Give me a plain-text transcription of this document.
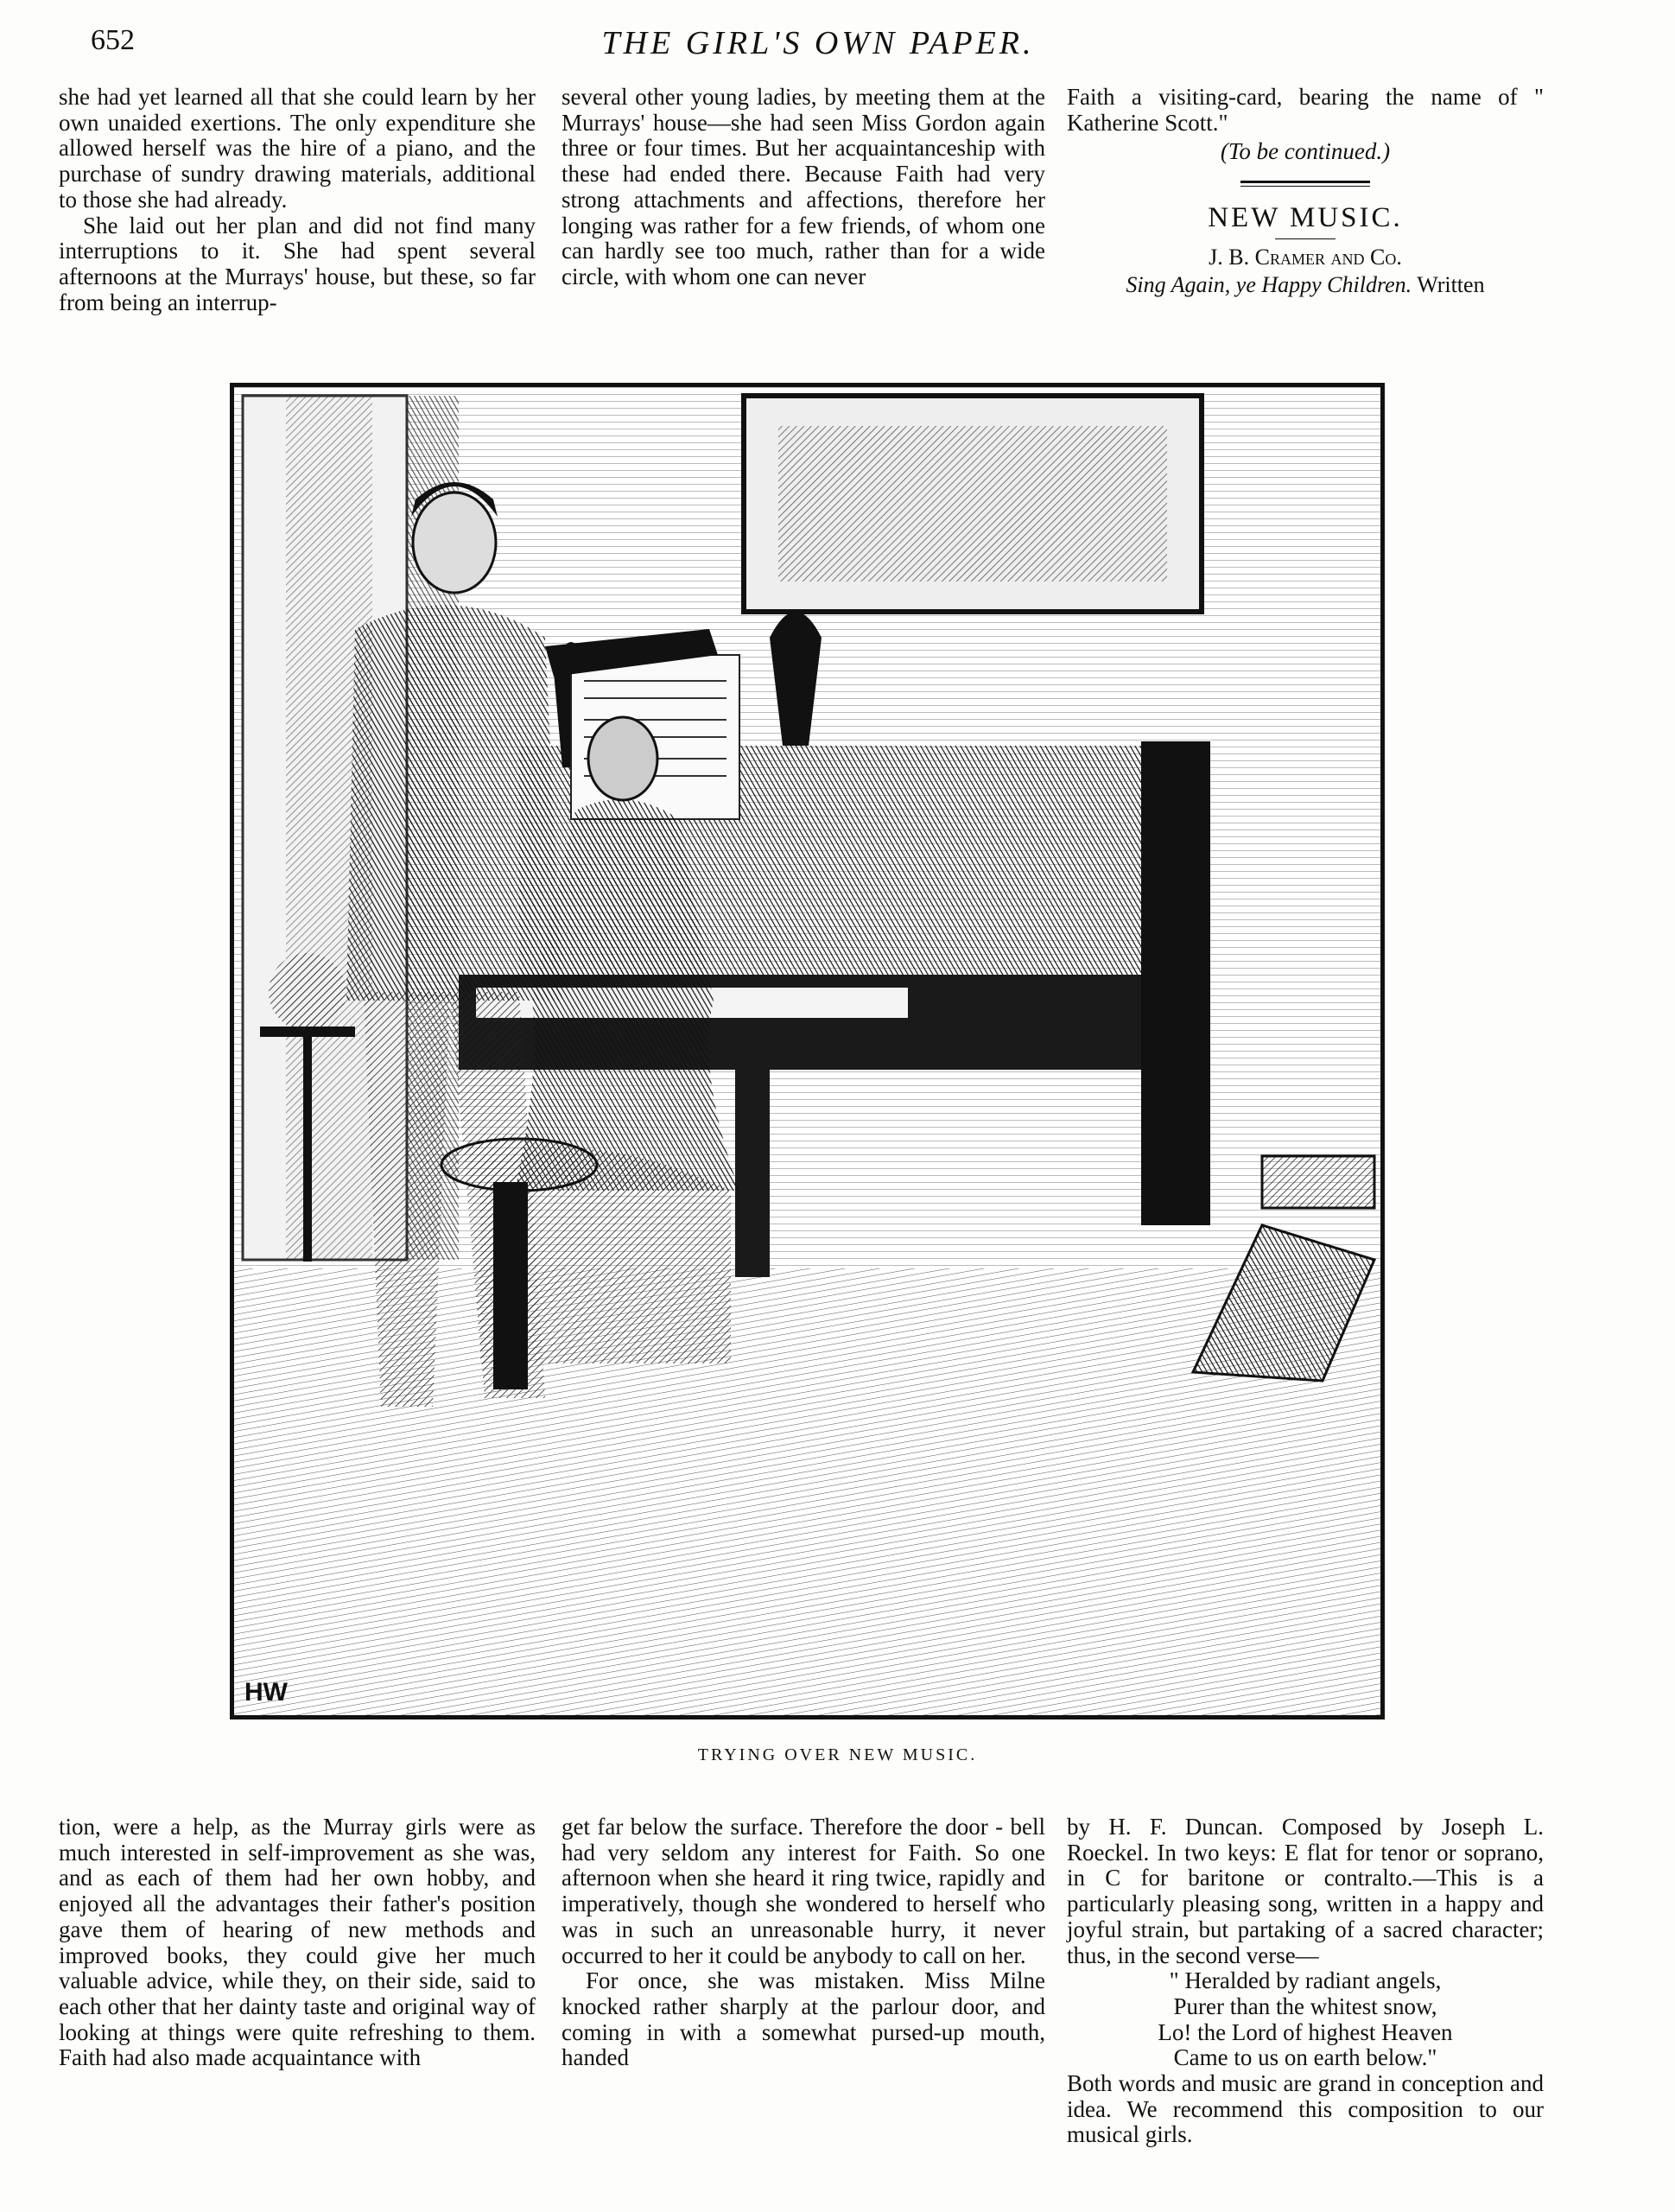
652	THE GIRL'S OWN PAPER.

she had yet learned all that she could learn by her own unaided exertions. The only expenditure she allowed herself was the hire of a piano, and the purchase of sundry drawing materials, additional to those she had already.

She laid out her plan and did not find many interruptions to it. She had spent several afternoons at the Murrays' house, but these, so far from being an interrup-

several other young ladies, by meeting them at the Murrays' house—she had seen Miss Gordon again three or four times. But her acquaintanceship with these had ended there. Because Faith had very strong attachments and affections, therefore her longing was rather for a few friends, of whom one can hardly see too much, rather than for a wide circle, with whom one can never

Faith a visiting-card, bearing the name of " Katherine Scott."

(To be continued.)
NEW MUSIC.
J. B. Cramer and Co.
Sing Again, ye Happy Children. Written
HW
TRYING OVER NEW MUSIC.

tion, were a help, as the Murray girls were as much interested in self-improvement as she was, and as each of them had her own hobby, and enjoyed all the advantages their father's position gave them of hearing of new methods and improved books, they could give her much valuable advice, while they, on their side, said to each other that her dainty taste and original way of looking at things were quite refreshing to them. Faith had also made acquaintance with

get far below the surface. Therefore the door - bell had very seldom any interest for Faith. So one afternoon when she heard it ring twice, rapidly and imperatively, though she wondered to herself who was in such an unreasonable hurry, it never occurred to her it could be anybody to call on her.

For once, she was mistaken. Miss Milne knocked rather sharply at the parlour door, and coming in with a somewhat pursed-up mouth, handed

by H. F. Duncan. Composed by Joseph L. Roeckel. In two keys: E flat for tenor or soprano, in C for baritone or contralto.—This is a particularly pleasing song, written in a happy and joyful strain, but partaking of a sacred character; thus, in the second verse—

" Heralded by radiant angels,

Purer than the whitest snow,

Lo! the Lord of highest Heaven

Came to us on earth below."

Both words and music are grand in conception and idea. We recommend this composition to our musical girls.
